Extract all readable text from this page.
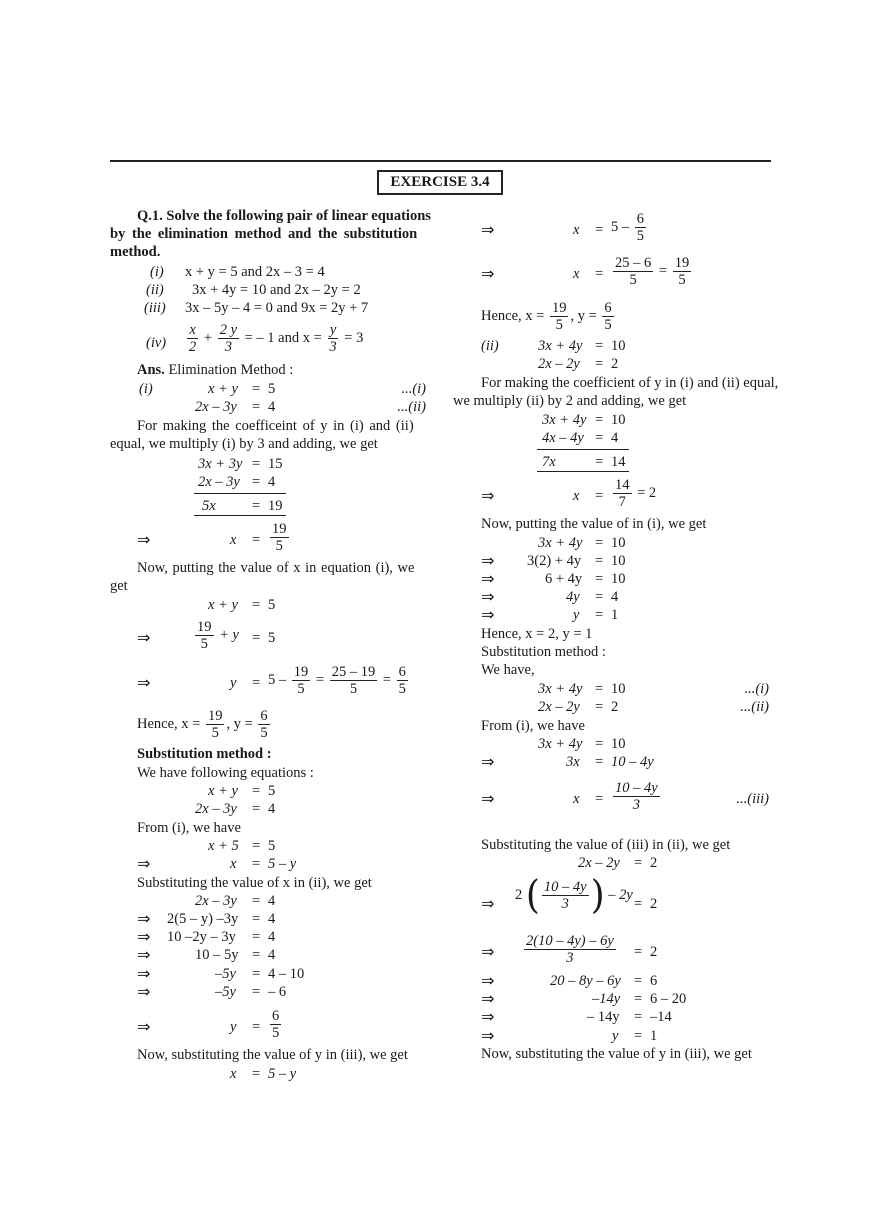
EXERCISE 3.4
Q.1. Solve the following pair of linear equations
by the elimination method and the substitution
method.
(i) x + y = 5 and 2x – 3 = 4
(ii) 3x + 4y = 10 and 2x – 2y = 2
(iii) 3x – 5y – 4 = 0 and 9x = 2y + 7
$(iv) \frac{x}{2} + \frac{2 y}{3}$ = – 1 and $x = \frac{y}{3} = 3$
Ans. Elimination Method :
(i)	x + y = 5	...(i)
2x – 3y = 4	...(ii)
For making the coefficeint of y in (i) and (ii)
equal, we multiply (i) by 3 and adding, we get
3x + 3y = 15
2x – 3y = 4
5x	= 19
⇒	$x = \frac{19}{5}$
Now, putting the value of x in equation (i), we
get
x + y = 5
⇒	$\frac{19}{5} + y = 5$
⇒	$y = 5 - \frac{19}{5} = \frac{25 - 19}{5} = \frac{6}{5}$
Hence, $x = \frac{19}{5}$ , $y = \frac{6}{5}$
Substitution method :
We have following equations :
x + y = 5
2x – 3y = 4
From (i), we have
x + 5 = 5
⇒	x = 5 – y
Substituting the value of x in (ii), we get
2x – 3y = 4
⇒ 2(5 – y) –3y = 4
⇒ 10 –2y – 3y = 4
⇒	10 – 5y = 4
⇒	–5y = 4 – 10
⇒	–5y = – 6
⇒	$y = \frac{6}{5}$
Now, substituting the value of y in (iii), we get
x = 5 – y
⇒	$x = 5 - \frac{6}{5}$
⇒	$x = \frac{25 - 6}{5} = \frac{19}{5}$
Hence, $x = \frac{19}{5}$ , $y = \frac{6}{5}$
(ii)	3x + 4y = 10
2x – 2y = 2
For making the coefficient of y in (i) and (ii) equal,
we multiply (ii) by 2 and adding, we get
3x + 4y = 10
4x – 4y = 4
7x	= 14
⇒	$x = \frac{14}{7} = 2$
Now, putting the value of in (i), we get
3x + 4y = 10
⇒ 3(2) + 4y = 10
⇒	6 + 4y = 10
⇒	4y = 4
⇒	y = 1
Hence, x = 2, y = 1
Substitution method :
We have,
3x + 4y = 10	...(i)
2x – 2y = 2	...(ii)
From (i), we have
3x + 4y = 10
⇒	3x = 10 – 4y
⇒	$x = \frac{10 - 4y}{3}$	...(iii)
Substituting the value of (iii) in (ii), we get
2x – 2y = 2
⇒ 2 ( $\frac{10 - 4y}{3}$ ) – 2y
= 2
⇒ $\frac{2(10 - 4y) - 6y}{3} = 2$
⇒	20 – 8y – 6y = 6
⇒	–14y = 6 – 20
⇒	– 14y = –14
⇒	y = 1
Now, substituting the value of y in (iii), we get
